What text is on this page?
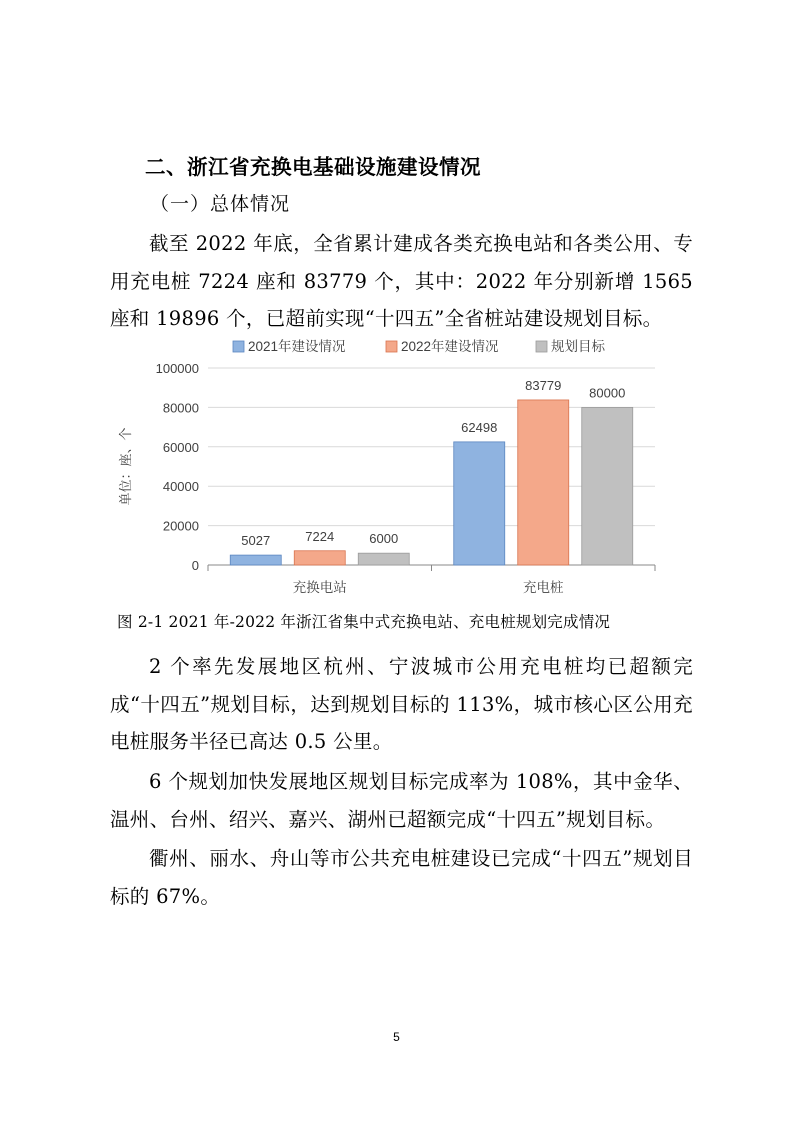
二、浙江省充换电基础设施建设情况
（一）总体情况
截至 2022 年底，全省累计建成各类充换电站和各类公用、专用充电桩 7224 座和 83779 个，其中：2022 年分别新增 1565 座和 19896 个，已超前实现“十四五”全省桩站建设规划目标。
0
20000
40000
60000
80000
100000
5027	7224	6000
充换电站
62498
83779 80000
充电桩
单位：座、个
2021年建设情况	2022年建设情况	规划目标
图 2-1 2021 年-2022 年浙江省集中式充换电站、充电桩规划完成情况
2 个率先发展地区杭州、宁波城市公用充电桩均已超额完成“十四五”规划目标，达到规划目标的 113%，城市核心区公用充电桩服务半径已高达 0.5 公里。
6 个规划加快发展地区规划目标完成率为 108%，其中金华、温州、台州、绍兴、嘉兴、湖州已超额完成“十四五”规划目标。
衢州、丽水、舟山等市公共充电桩建设已完成“十四五”规划目标的 67%。
5
